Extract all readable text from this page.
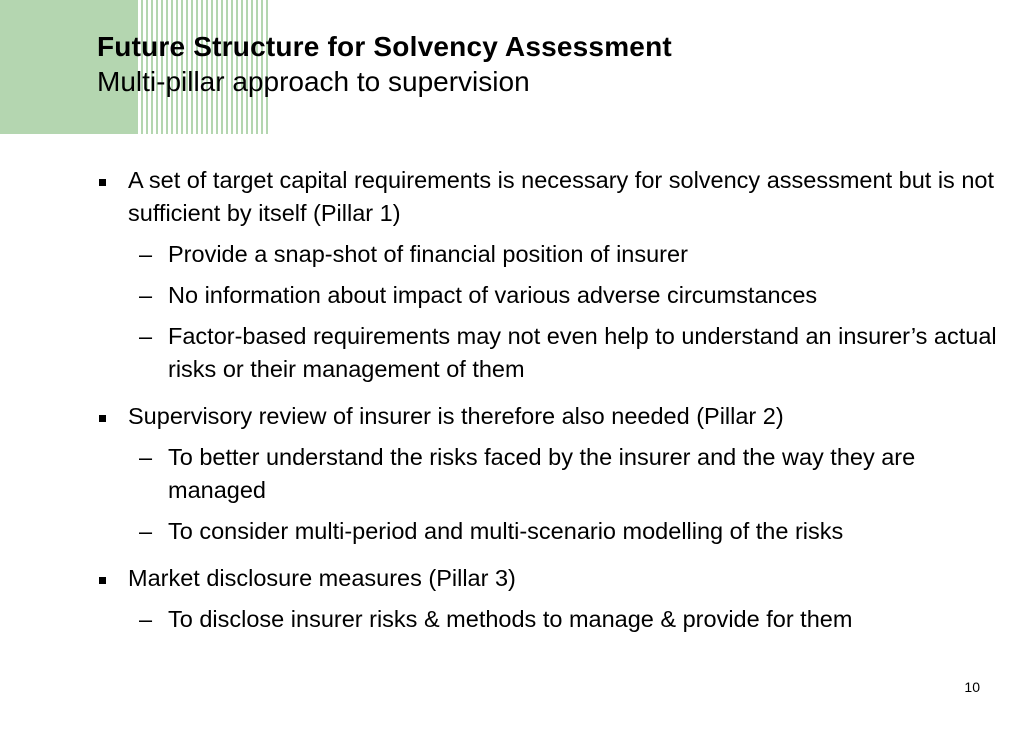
Future Structure for Solvency Assessment
Multi-pillar approach to supervision
A set of target capital requirements is necessary for solvency assessment but is not sufficient by itself (Pillar 1)
– Provide a snap-shot of financial position of insurer
– No information about impact of various adverse circumstances
– Factor-based requirements may not even help to understand an insurer’s actual risks or their management of them
Supervisory review of insurer is therefore also needed (Pillar 2)
– To better understand the risks faced by the insurer and the way they are managed
– To consider multi-period and multi-scenario modelling of the risks
Market disclosure measures (Pillar 3)
– To disclose insurer risks & methods to manage & provide for them
10
